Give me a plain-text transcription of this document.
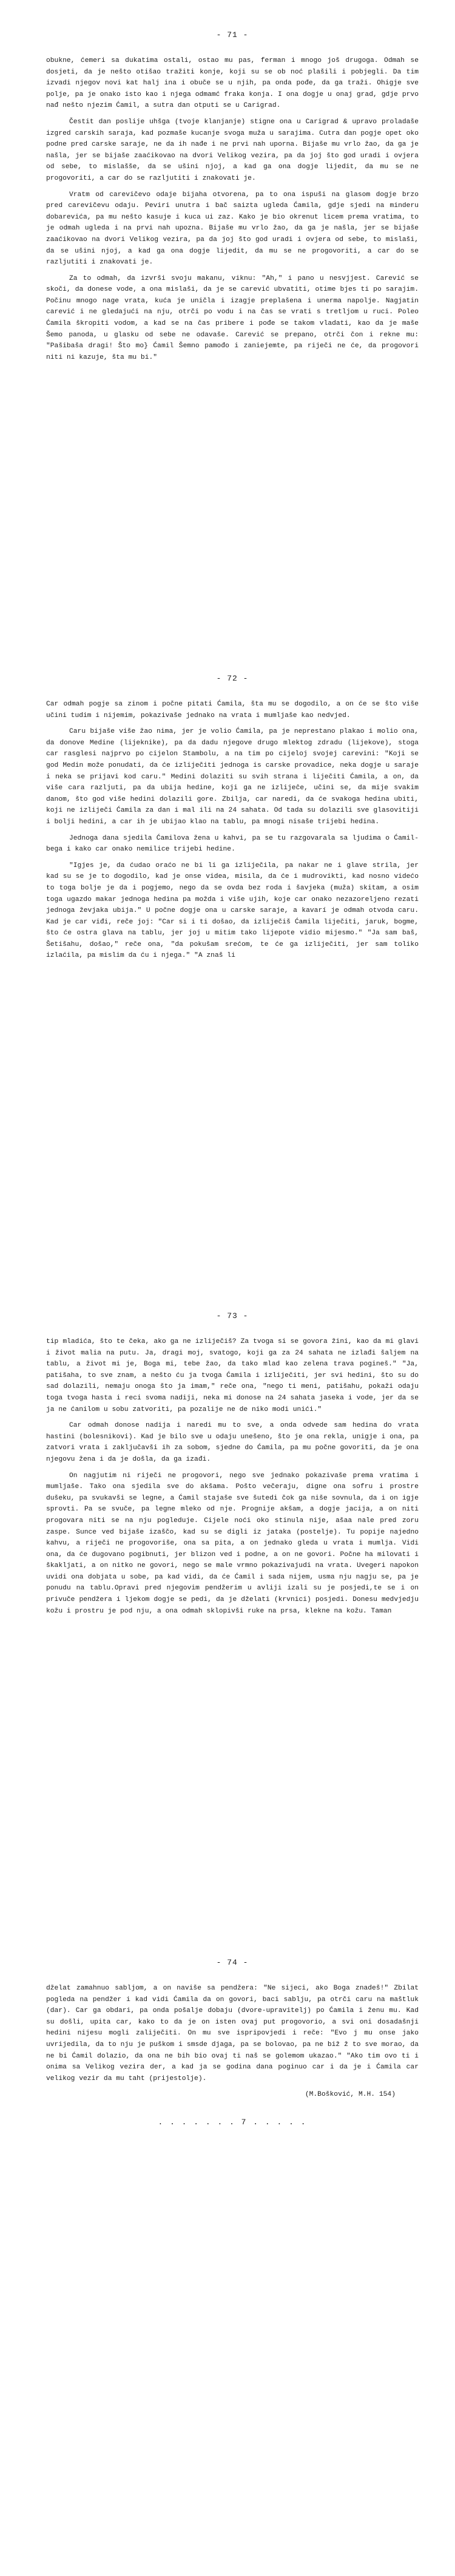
- 71 -

obukne, ćemeri sa dukatima ostali, ostao mu pas, ferman i mnogo još drugoga. Odmah se dosjeti, da je nešto otišao tražiti konje, koji su se ob noć plašili i pobjegli. Da tim izvadi njegov novi kat halj ina i obuče se u njih, pa onda pođe, da ga traži. Ohigje sve polje, pa je onako isto kao i njega odmamć fraka konja. I ona dogje u onaj grad, gdje prvo nađ nešto njezim Ćamil, a sutra dan otputi se u Carigrad.

Čestit dan poslije uhšga (tvoje klanjanje) stigne ona u Carigrad & upravo proladaše izgred carskih saraja, kad pozmaše kucanje svoga muža u sarajima. Cutra dan pogje opet oko podne pred carske saraje, ne da ih nađe i ne prvi nah uporna. Bijaše mu vrlo žao, da ga je našla, jer se bijaše zaaćikovao na dvori Velikog vezira, pa da joj što god uradi i ovjera od sebe, to mislašše, da se ušini njoj, a kad ga ona dogje lijedit, da mu se ne progovoriti, a car do se razljutiti i znakovati je.

Vratm od carevičevo odaje bijaha otvorena, pa to ona ispuši na glasom dogje brzo pred carevičevu odaju. Peviri unutra i bač saizta ugleda Ćamila, gdje sjedi na minderu dobarevića, pa mu nešto kasuje i kuca ui zaz. Kako je bio okrenut licem prema vratima, to je odmah ugleda i na prvi nah upozna. Bijaše mu vrlo žao, da ga je našla, jer se bijaše zaaćikovao na dvori Velikog vezira, pa da joj što god uradi i ovjera od sebe, to mislaši, da se ušini njoj, a kad ga ona dogje lijedit, da mu se ne progovoriti, a car do se razljutiti i znakovati je.

Za to odmah, da izvrši svoju makanu, viknu: "Ah," i pano u nesvjjest. Carević se skoči, da donese vode, a ona mislaši, da je se carević ubvatiti, otime bjes ti po sarajim. Počinu mnogo nage vrata, kuća je uničla i izagje preplašena i unerma napolje. Nagjatin carević i ne gledajući na nju, otrči po vodu i na čas se vrati s tretljom u ruci. Poleo Ćamila škropiti vodom, a kad se na čas pribere i pođe se takom vladati, kao da je maše Šemo panoda, u glasku od sebe ne odavaše. Carević se prepano, otrči čon i rekne mu: "Pašibaša dragi! Što mo} Ćamil Šemno pamođo i zaniejemte, pa riječi ne će, da progovori niti ni kazuje, šta mu bi."

- 72 -

Car odmah pogje sa zinom i počne pitati Ćamila, šta mu se dogodilo, a on će se što više učini tudim i nijemim, pokazivaše jednako na vrata i mumljaše kao nedvjed.

Caru bijaše više žao nima, jer je volio Ćamila, pa je neprestano plakao i molio ona, da donove Medine (lijeknike), pa da dadu njegove drugo mlektog zdradu (lijekove), stoga car rasglesi najprvo po cijelon Stambolu, a na tim po cijeloj svojej carevini: "Koji se god Medin može ponudati, da će izliječiti jednoga is carske provadice, neka dogje u saraje i neka se prijavi kod caru." Medini dolaziti su svih strana i liječiti Ćamila, a on, da više cara razljuti, pa da ubija hedine, koji ga ne izlijeĉe, učini se, da mije svakim danom, što god više hedini dolazili gore. Zbilja, car naredi, da će svakoga hedina ubiti, koji ne izliječi Ćamila za dan i mal ili na 24 sahata. Od tada su dolazili sve glasovitiji i bolji hedini, a car ih je ubijao klao na tablu, pa mnogi nisaše trijebi hedina.

Jednoga dana sjedila Ćamilova žena u kahvi, pa se tu razgovarala sa ljudima o Ćamil-bega i kako car onako nemilice trijebi hedine.

"Igjes je, da ćudao oraćo ne bi li ga izliječila, pa nakar ne i glave strila, jer kad su se je to dogodilo, kad je onse videa, misila, da će i mudrovikti, kad nosno videćo to toga bolje je da i pogjemo, nego da se ovda bez roda i šavjeka (muža) skitam, a osim toga ugazdo makar jednoga hedina pa možda i više ujih, koje car onako nezazoreljeno rezati jednoga ževjaka ubija." U počne dogje ona u carske saraje, a kavarí je odmah otvoda caru. Kad je car viđi, reče joj: "Car si i ti došao, da izliječiš Ćamila liječiti, jaruk, bogme, što će ostra glava na tablu, jer joj u mitim tako lijepote vidio mijesmo." "Ja sam baš, Šetišahu, došao," reče ona, "da pokušam srećom, te će ga izliječiti, jer sam toliko izlaćila, pa mislim da ću i njega." "A znaš li

- 73 -

tip mladića, što te čeka, ako ga ne izliječiš? Za tvoga si se govora žini, kao da mi glavi i život malia na putu. Ja, dragi moj, svatogo, koji ga za 24 sahata ne izlađi šaljem na tablu, a život mi je, Boga mi, tebe žao, da tako mlad kao zelena trava pogineš." "Ja, patišaha, to sve znam, a nešto ću ja tvoga Ćamila i izliječiti, jer svi hedini, što su do sad dolazili, nemaju onoga što ja imam," reče ona, "nego ti meni, patišahu, pokaži odaju toga tvoga hasta i reci svoma nadiji, neka mi donose na 24 sahata jaseka i vode, jer da se ja ne ćanilom u sobu zatvoriti, pa pozalije ne de niko modi unići."

Car odmah donose nadija i naredi mu to sve, a onda odvede sam hedina do vrata hastini (bolesnikovi). Kad je bilo sve u odaju unešeno, što je ona rekla, unigje i ona, pa zatvori vrata i zaključavši ih za sobom, sjedne do Ćamila, pa mu počne govoriti, da je ona njegovu žena i da je došla, da ga izađi.

On nagjutim ni riječi ne progovori, nego sve jednako pokazivaše prema vratima i mumljaše. Tako ona sjedila sve do akšama. Pošto večeraju, digne ona sofru i prostre dušeku, pa svukavši se legne, a Ćamil stajaše sve šutedi čok ga niše sovnula, da i on igje sprovti. Pa se svuče, pa legne mleko od nje. Prognije akšam, a dogje jacija, a on niti progovara niti se na nju pogleduje. Cijele noći oko stinula nije, ašaa nale pred zoru zaspe. Sunce ved bijaše izaščo, kad su se digli iz jataka (postelje). Tu popije najedno kahvu, a riječi ne progovoriše, ona sa pita, a on jednako gleda u vrata i mumlja. Vidi ona, da će dugovano pogibnuti, jer blizon ved i podne, a on ne govori. Počne ha milovati i škakljati, a on nitko ne govori, nego se male vrmno pokazivajudi na vrata. Uvegeri napokon uvidi ona dobjata u sobe, pa kad vidi, da će Ćamil i sada nijem, usma nju nagju se, pa je ponudu na tablu.Opravi pred njegovim pendžerim u avliji izali su je posjedi,te se i on privuče pendžera i ljekom dogje se pedi, da je dželati (krvnici) posjedi. Donesu medvjedju kožu i prostru je pod nju, a ona odmah sklopivši ruke na prsa, klekne na kožu. Taman

- 74 -

dželat zamahnuo sabljom, a on naviše sa pendžera: "Ne sijeci, ako Boga znadeš!" Zbilat pogleda na pendžer i kad vidi Ćamila da on govori, baci sablju, pa otrči caru na maštluk (dar). Car ga obdari, pa onda pošalje dobaju (dvore-upravitelj) po Ćamila i ženu mu. Kad su došli, upita car, kako to da je on isten ovaj put progovorio, a svi oni dosadašnji hedini nijesu mogli zaliječiti. On mu sve ispripovjedi i reče: "Evo j mu onse jako uvrijedila, da to nju je puškom i smsde djaga, pa se bolovao, pa ne biž ž to sve morao, da ne bi Ćamil dolazio, da ona ne bih bio ovaj ti naš se golemom ukazao." "Ako tim ovo ti i onima sa Velikog vezira der, a kad ja se godina dana poginuo car i da je i Ćamila car velikog vezir da mu taht (prijestolje).

(M.Bošković, M.H. 154)
. . . . . . . 7 . . . . .
